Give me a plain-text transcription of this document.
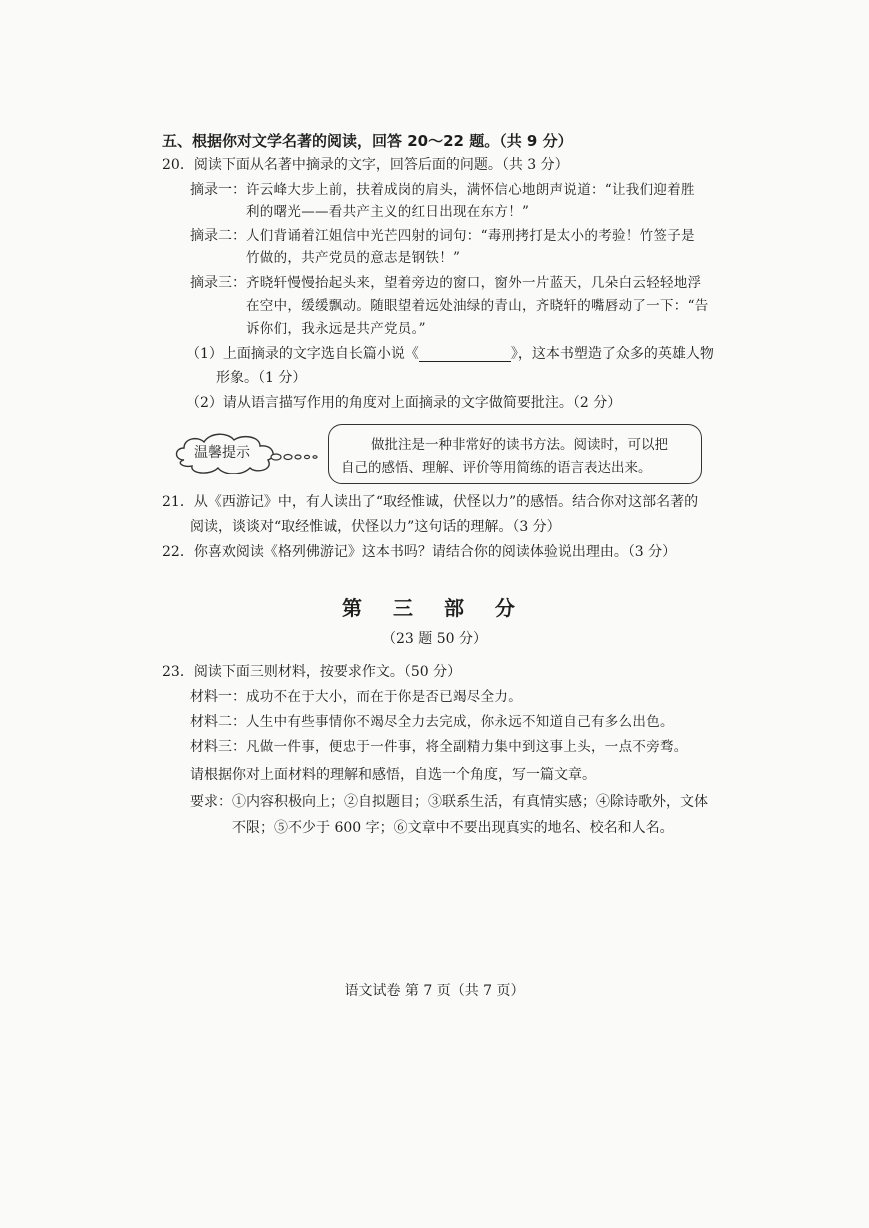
五、根据你对文学名著的阅读，回答 20～22 题。（共 9 分）
20．阅读下面从名著中摘录的文字，回答后面的问题。（共 3 分）
摘录一： 许云峰大步上前，扶着成岗的肩头，满怀信心地朗声说道：“让我们迎着胜
利的曙光——看共产主义的红日出现在东方！”
摘录二： 人们背诵着江姐信中光芒四射的词句：“毒刑拷打是太小的考验！竹签子是
竹做的，共产党员的意志是钢铁！”
摘录三： 齐晓轩慢慢抬起头来，望着旁边的窗口，窗外一片蓝天，几朵白云轻轻地浮
在空中，缓缓飘动。随眼望着远处油绿的青山，齐晓轩的嘴唇动了一下：“告
诉你们，我永远是共产党员。”
（1）上面摘录的文字选自长篇小说《	》，这本书塑造了众多的英雄人物
形象。（1 分）
（2）请从语言描写作用的角度对上面摘录的文字做简要批注。（2 分）
温馨提示	做批注是一种非常好的读书方法。阅读时，可以把
自己的感悟、理解、评价等用简练的语言表达出来。
21．从《西游记》中，有人读出了“取经惟诚，伏怪以力”的感悟。结合你对这部名著的
阅读，谈谈对“取经惟诚，伏怪以力”这句话的理解。（3 分）
22．你喜欢阅读《格列佛游记》这本书吗？请结合你的阅读体验说出理由。（3 分）
第 三 部 分
（23 题 50 分）
23．阅读下面三则材料，按要求作文。（50 分）
材料一： 成功不在于大小，而在于你是否已竭尽全力。
材料二： 人生中有些事情你不竭尽全力去完成，你永远不知道自己有多么出色。
材料三： 凡做一件事，便忠于一件事，将全副精力集中到这事上头，一点不旁骛。
请根据你对上面材料的理解和感悟，自选一个角度，写一篇文章。
要求：①内容积极向上；②自拟题目；③联系生活，有真情实感；④除诗歌外，文体
不限；⑤不少于 600 字；⑥文章中不要出现真实的地名、校名和人名。
语文试卷 第 7 页（共 7 页）
